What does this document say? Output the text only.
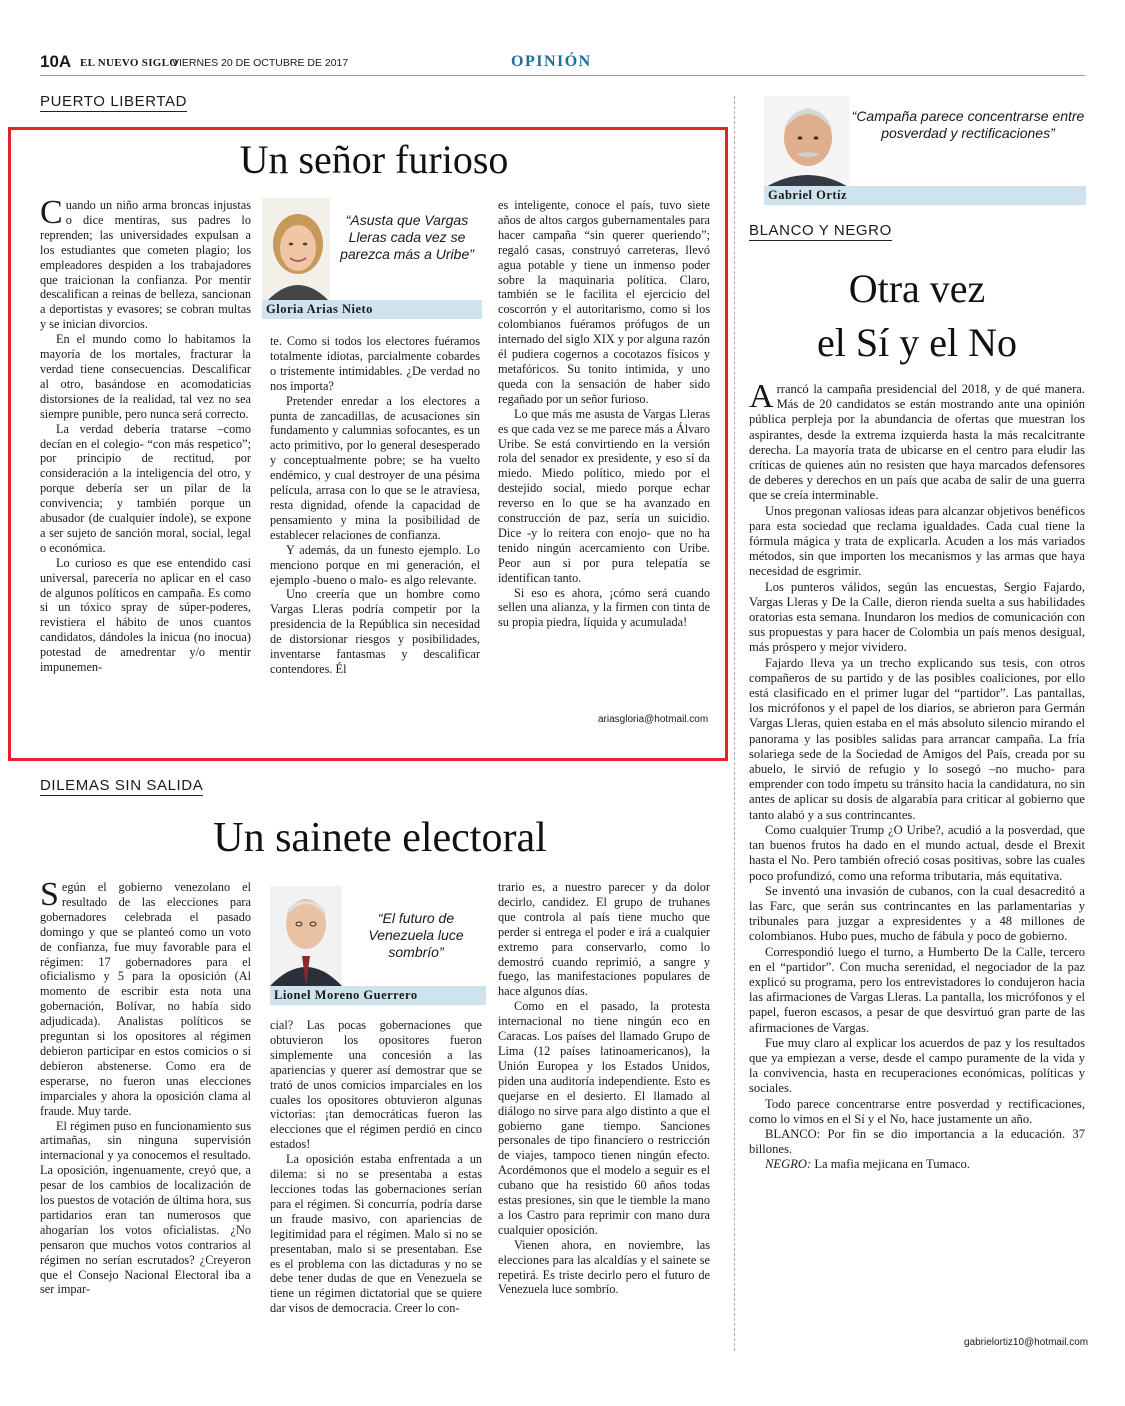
10A EL NUEVO SIGLO
VIERNES 20 DE OCTUBRE DE 2017	OPINIÓN
PUERTO LIBERTAD
Un señor furioso

Cuando un niño arma broncas injustas o dice mentiras, sus padres lo reprenden; las universidades expulsan a los estudiantes que cometen plagio; los empleadores despiden a los trabajadores que traicionan la confianza. Por mentir descalifican a reinas de belleza, sancionan a deportistas y evasores; se cobran multas y se inician divorcios.

En el mundo como lo habitamos la mayoría de los mortales, fracturar la verdad tiene consecuencias. Descalificar al otro, basándose en acomodaticias distorsiones de la realidad, tal vez no sea siempre punible, pero nunca será correcto.

La verdad debería tratarse –como decían en el colegio- “con más respetico”; por principio de rectitud, por consideración a la inteligencia del otro, y porque debería ser un pilar de la convivencia; y también porque un abusador (de cualquier índole), se expone a ser sujeto de sanción moral, social, legal o económica.

Lo curioso es que ese entendido casi universal, parecería no aplicar en el caso de algunos políticos en campaña. Es como si un tóxico spray de súper-poderes, revistiera el hábito de unos cuantos candidatos, dándoles la inicua (no inocua) potestad de amedrentar y/o mentir impunemen-

“Asusta que Vargas Lleras cada vez se parezca más a Uribe”
Gloria Arias Nieto

te. Como si todos los electores fuéramos totalmente idiotas, parcialmente cobardes o tristemente intimidables. ¿De verdad no nos importa?

Pretender enredar a los electores a punta de zancadillas, de acusaciones sin fundamento y calumnias sofocantes, es un acto primitivo, por lo general desesperado y conceptualmente pobre; se ha vuelto endémico, y cual destroyer de una pésima película, arrasa con lo que se le atraviesa, resta dignidad, ofende la capacidad de pensamiento y mina la posibilidad de establecer relaciones de confianza.

Y además, da un funesto ejemplo. Lo menciono porque en mi generación, el ejemplo -bueno o malo- es algo relevante.

Uno creería que un hombre como Vargas Lleras podría competir por la presidencia de la República sin necesidad de distorsionar riesgos y posibilidades, inventarse fantasmas y descalificar contendores. Él

es inteligente, conoce el país, tuvo siete años de altos cargos gubernamentales para hacer campaña “sin querer queriendo”; regaló casas, construyó carreteras, llevó agua potable y tiene un inmenso poder sobre la maquinaria política. Claro, también se le facilita el ejercicio del coscorrón y el autoritarismo, como si los colombianos fuéramos prófugos de un internado del siglo XIX y por alguna razón él pudiera cogernos a cocotazos físicos y metafóricos. Su tonito intimida, y uno queda con la sensación de haber sido regañado por un señor furioso.

Lo que más me asusta de Vargas Lleras es que cada vez se me parece más a Álvaro Uribe. Se está convirtiendo en la versión rola del senador ex presidente, y eso sí da miedo. Miedo político, miedo por el destejido social, miedo porque echar reverso en lo que se ha avanzado en construcción de paz, sería un suicidio. Dice -y lo reitera con enojo- que no ha tenido ningún acercamiento con Uribe. Peor aun si por pura telepatía se identifican tanto.

Si eso es ahora, ¡cómo será cuando sellen una alianza, y la firmen con tinta de su propia piedra, líquida y acumulada!

ariasgloria@hotmail.com
DILEMAS SIN SALIDA
Un sainete electoral

Según el gobierno venezolano el resultado de las elecciones para gobernadores celebrada el pasado domingo y que se planteó como un voto de confianza, fue muy favorable para el régimen: 17 gobernadores para el oficialismo y 5 para la oposición (Al momento de escribir esta nota una gobernación, Bolívar, no había sido adjudicada). Analistas políticos se preguntan si los opositores al régimen debieron participar en estos comicios o si debieron abstenerse. Como era de esperarse, no fueron unas elecciones imparciales y ahora la oposición clama al fraude. Muy tarde.

El régimen puso en funcionamiento sus artimañas, sin ninguna supervisión internacional y ya conocemos el resultado. La oposición, ingenuamente, creyó que, a pesar de los cambios de localización de los puestos de votación de última hora, sus partidarios eran tan numerosos que ahogarían los votos oficialistas. ¿No pensaron que muchos votos contrarios al régimen no serían escrutados? ¿Creyeron que el Consejo Nacional Electoral iba a ser impar-

“El futuro de Venezuela luce sombrío”
Lionel Moreno Guerrero

cial? Las pocas gobernaciones que obtuvieron los opositores fueron simplemente una concesión a las apariencias y querer así demostrar que se trató de unos comicios imparciales en los cuales los opositores obtuvieron algunas victorias: ¡tan democráticas fueron las elecciones que el régimen perdió en cinco estados!

La oposición estaba enfrentada a un dilema: si no se presentaba a estas lecciones todas las gobernaciones serían para el régimen. Si concurría, podría darse un fraude masivo, con apariencias de legitimidad para el régimen. Malo si no se presentaban, malo si se presentaban. Ese es el problema con las dictaduras y no se debe tener dudas de que en Venezuela se tiene un régimen dictatorial que se quiere dar visos de democracia. Creer lo con-

trario es, a nuestro parecer y da dolor decirlo, candidez. El grupo de truhanes que controla al país tiene mucho que perder si entrega el poder e irá a cualquier extremo para conservarlo, como lo demostró cuando reprimió, a sangre y fuego, las manifestaciones populares de hace algunos días.

Como en el pasado, la protesta internacional no tiene ningún eco en Caracas. Los países del llamado Grupo de Lima (12 países latinoamericanos), la Unión Europea y los Estados Unidos, piden una auditoría independiente. Esto es quejarse en el desierto. El llamado al diálogo no sirve para algo distinto a que el gobierno gane tiempo. Sanciones personales de tipo financiero o restricción de viajes, tampoco tienen ningún efecto. Acordémonos que el modelo a seguir es el cubano que ha resistido 60 años todas estas presiones, sin que le tiemble la mano a los Castro para reprimir con mano dura cualquier oposición.

Vienen ahora, en noviembre, las elecciones para las alcaldías y el sainete se repetirá. Es triste decirlo pero el futuro de Venezuela luce sombrío.

“Campaña parece concentrarse entre posverdad y rectificaciones”
Gabriel Ortíz
BLANCO Y NEGRO
Otra vez
el Sí y el No

Arrancó la campaña presidencial del 2018, y de qué manera. Más de 20 candidatos se están mostrando ante una opinión pública perpleja por la abundancia de ofertas que muestran los aspirantes, desde la extrema izquierda hasta la más recalcitrante derecha. La mayoría trata de ubicarse en el centro para eludir las críticas de quienes aún no resisten que haya marcados defensores de deberes y derechos en un país que acaba de salir de una guerra que se creía interminable.

Unos pregonan valiosas ideas para alcanzar objetivos benéficos para esta sociedad que reclama igualdades. Cada cual tiene la fórmula mágica y trata de explicarla. Acuden a los más variados métodos, sin que importen los mecanismos y las armas que haya necesidad de esgrimir.

Los punteros válidos, según las encuestas, Sergio Fajardo, Vargas Lleras y De la Calle, dieron rienda suelta a sus habilidades oratorias esta semana. Inundaron los medios de comunicación con sus propuestas y para hacer de Colombia un país menos desigual, más próspero y mejor vividero.

Fajardo lleva ya un trecho explicando sus tesis, con otros compañeros de su partido y de las posibles coaliciones, por ello está clasificado en el primer lugar del “partidor”. Las pantallas, los micrófonos y el papel de los diarios, se abrieron para Germán Vargas Lleras, quien estaba en el más absoluto silencio mirando el panorama y las posibles salidas para arrancar campaña. La fría solariega sede de la Sociedad de Amigos del País, creada por su abuelo, le sirvió de refugio y lo sosegó –no mucho- para emprender con todo ímpetu su tránsito hacia la candidatura, no sin antes de aplicar su dosis de algarabía para criticar al gobierno que tanto alabó y a sus contrincantes.

Como cualquier Trump ¿O Uribe?, acudió a la posverdad, que tan buenos frutos ha dado en el mundo actual, desde el Brexit hasta el No. Pero también ofreció cosas positivas, sobre las cuales poco profundizó, como una reforma tributaria, más equitativa.

Se inventó una invasión de cubanos, con la cual desacreditó a las Farc, que serán sus contrincantes en las parlamentarias y tribunales para juzgar a expresidentes y a 48 millones de colombianos. Hubo pues, mucho de fábula y poco de gobierno.

Correspondió luego el turno, a Humberto De la Calle, tercero en el “partidor”. Con mucha serenidad, el negociador de la paz explicó su programa, pero los entrevistadores lo condujeron hacia las afirmaciones de Vargas Lleras. La pantalla, los micrófonos y el papel, fueron escasos, a pesar de que desvirtuó gran parte de las afirmaciones de Vargas.

Fue muy claro al explicar los acuerdos de paz y los resultados que ya empiezan a verse, desde el campo puramente de la vida y la convivencia, hasta en recuperaciones económicas, políticas y sociales.

Todo parece concentrarse entre posverdad y rectificaciones, como lo vimos en el Sí y el No, hace justamente un año.

BLANCO: Por fin se dio importancia a la educación. 37 billones.

NEGRO: La mafia mejicana en Tumaco.

gabrielortiz10@hotmail.com
